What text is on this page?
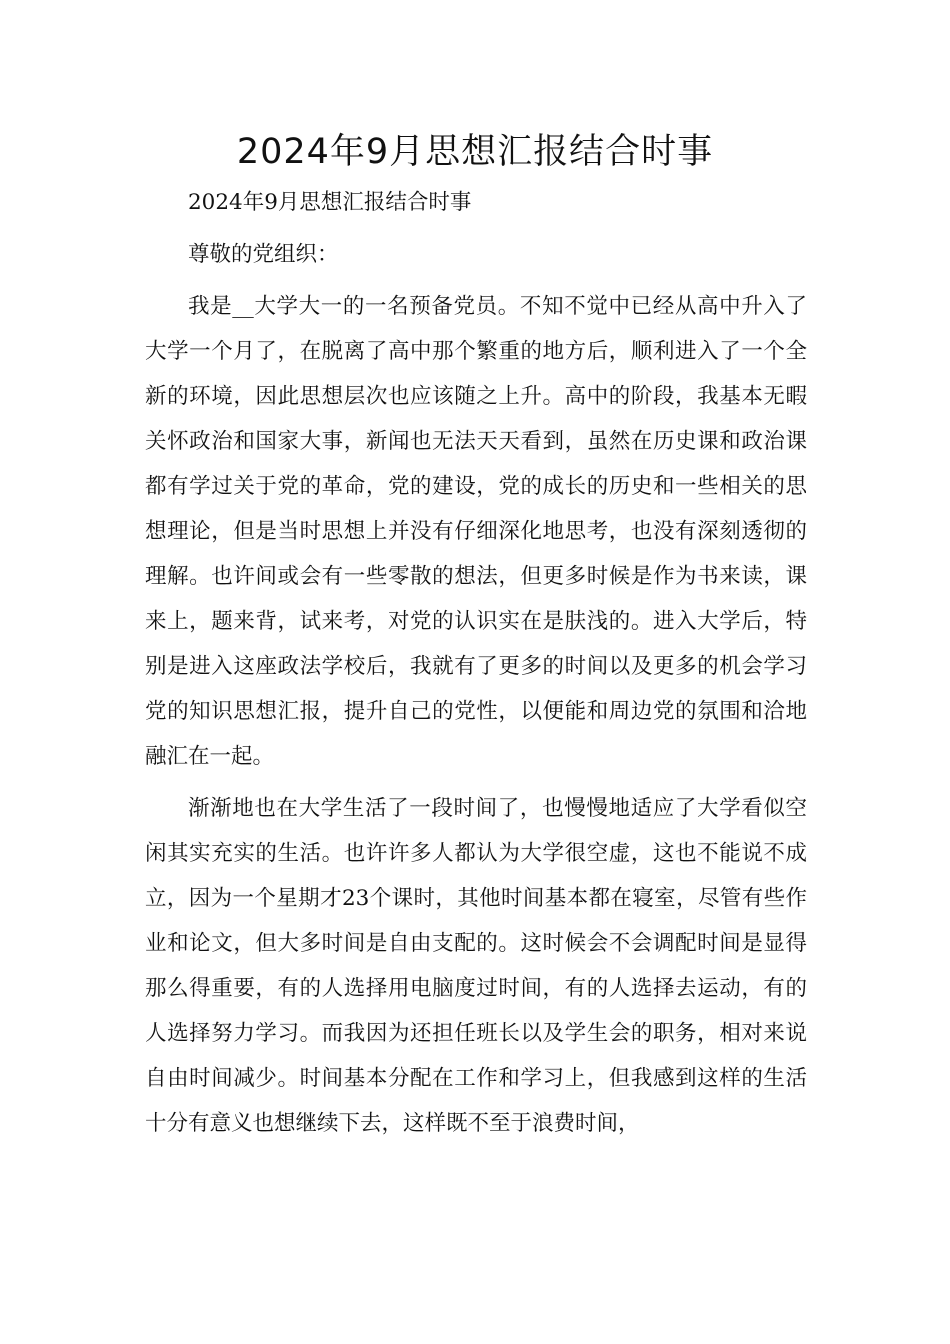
2024年9月思想汇报结合时事

2024年9月思想汇报结合时事

尊敬的党组织：

我是__大学大一的一名预备党员。不知不觉中已经从高中升入了大学一个月了，在脱离了高中那个繁重的地方后，顺利进入了一个全新的环境，因此思想层次也应该随之上升。高中的阶段，我基本无暇关怀政治和国家大事，新闻也无法天天看到，虽然在历史课和政治课都有学过关于党的革命，党的建设，党的成长的历史和一些相关的思想理论，但是当时思想上并没有仔细深化地思考，也没有深刻透彻的理解。也许间或会有一些零散的想法，但更多时候是作为书来读，课来上，题来背，试来考，对党的认识实在是肤浅的。进入大学后，特别是进入这座政法学校后，我就有了更多的时间以及更多的机会学习党的知识思想汇报，提升自己的党性，以便能和周边党的氛围和洽地融汇在一起。

渐渐地也在大学生活了一段时间了，也慢慢地适应了大学看似空闲其实充实的生活。也许许多人都认为大学很空虚，这也不能说不成立，因为一个星期才23个课时，其他时间基本都在寝室，尽管有些作业和论文，但大多时间是自由支配的。这时候会不会调配时间是显得那么得重要，有的人选择用电脑度过时间，有的人选择去运动，有的人选择努力学习。而我因为还担任班长以及学生会的职务，相对来说自由时间减少。时间基本分配在工作和学习上，但我感到这样的生活十分有意义也想继续下去，这样既不至于浪费时间，
